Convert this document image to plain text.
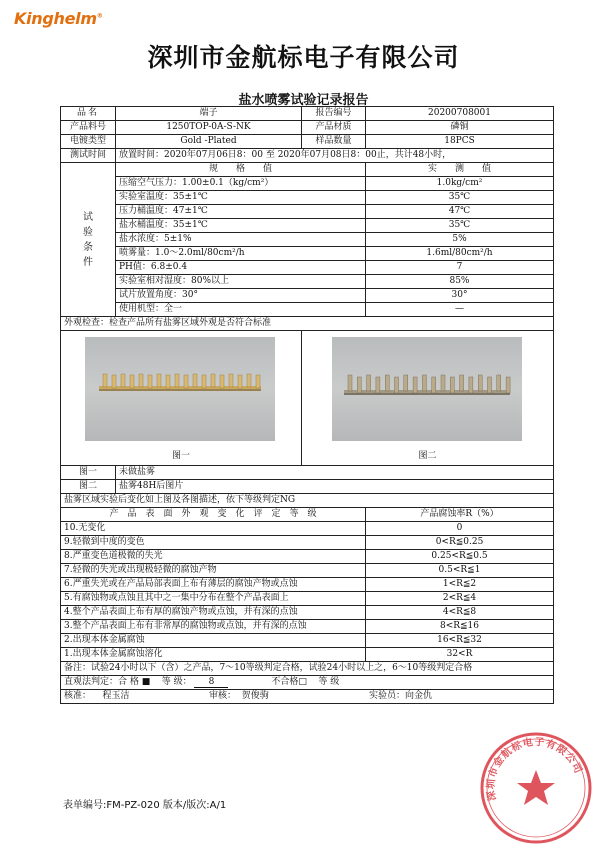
Kinghelm®
深圳市金航标电子有限公司
盐水喷雾试验记录报告
品名	端子	报告编号	20200708001
产品料号	1250TOP-0A-S-NK	产品材质	磷铜
电镀类型	Gold -Plated	样品数量	18PCS
测试时间	放置时间：2020年07月06日8：00 至 2020年07月08日8：00止，共计48小时，		

试
验
条
件	规　　格　　值		实　　测　　值
	压缩空气压力：1.00±0.1（kg/cm²）		1.0kg/cm²
	实验室温度：35±1℃		35℃
	压力桶温度：47±1℃		47℃
	盐水桶温度：35±1℃		35℃
	盐水浓度：5±1%		5%
	喷雾量：1.0～2.0ml/80cm²/h		1.6ml/80cm²/h
	PH值：6.8±0.4		7
	实验室相对湿度：80%以上		85%
	试片放置角度：30°		30°
	使用机型：全一		—
外观检查：检查产品所有盐雾区域外观是否符合标准			

图一		图二	

图一	未做盐雾		
图二	盐雾48H后图片		
盐雾区域实验后变化如上图及各图描述，依下等级判定NG			
产　品　表　面　外　观　变　化　评　定　等　级			产品腐蚀率R（%）
10.无变化			0
9.轻微到中度的变色			0<R≦0.25
8.严重变色道极微的失光			0.25<R≦0.5
7.轻微的失光或出现极轻微的腐蚀产物			0.5<R≦1
6.严重失光或在产品局部表面上布有薄层的腐蚀产物或点蚀			1<R≦2
5.有腐蚀物或点蚀且其中之一集中分布在整个产品表面上			2<R≦4
4.整个产品表面上布有厚的腐蚀产物或点蚀，并有深的点蚀			4<R≦8
3.整个产品表面上布有非常厚的腐蚀物或点蚀，并有深的点蚀			8<R≦16
2.出现本体金属腐蚀			16<R≦32
1.出现本体金属腐蚀溶化			32<R
备注：试验24小时以下（含）之产品，7～10等级判定合格，试验24小时以上之，6～10等级判定合格			
直观法判定：合 格 ■ 等 级： 8 不合格□ 等 级			
核准： 程玉洁 审核： 贺俊驹 实验员：向金仇			
表单编号:FM-PZ-020 版本/版次:A/1
深圳市金航标电子有限公司
